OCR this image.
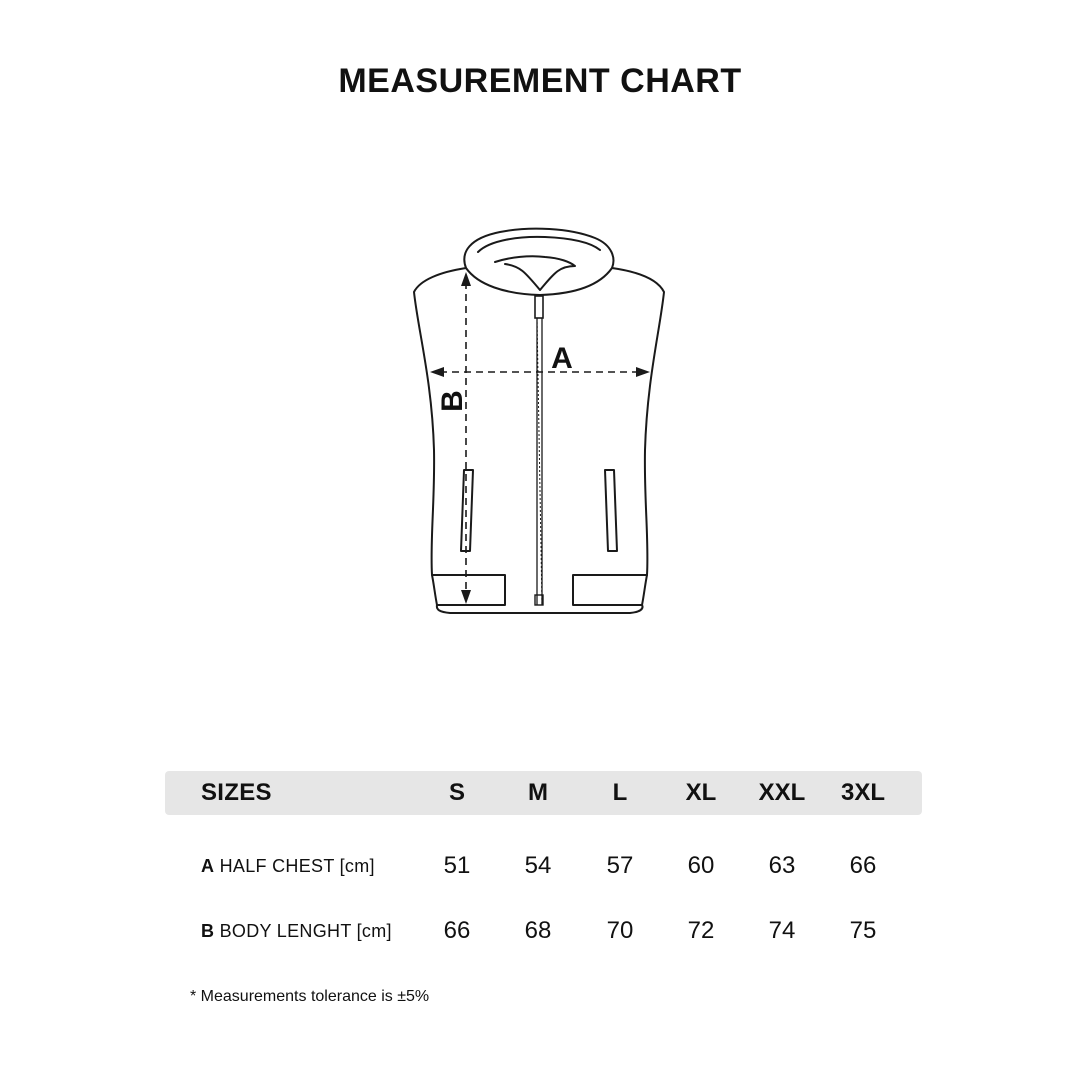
MEASUREMENT CHART
A
B
SIZES	S	M	L	XL	XXL	3XL
A HALF CHEST [cm]	51	54	57	60	63	66
B BODY LENGHT [cm]	66	68	70	72	74	75
* Measurements tolerance is ±5%
